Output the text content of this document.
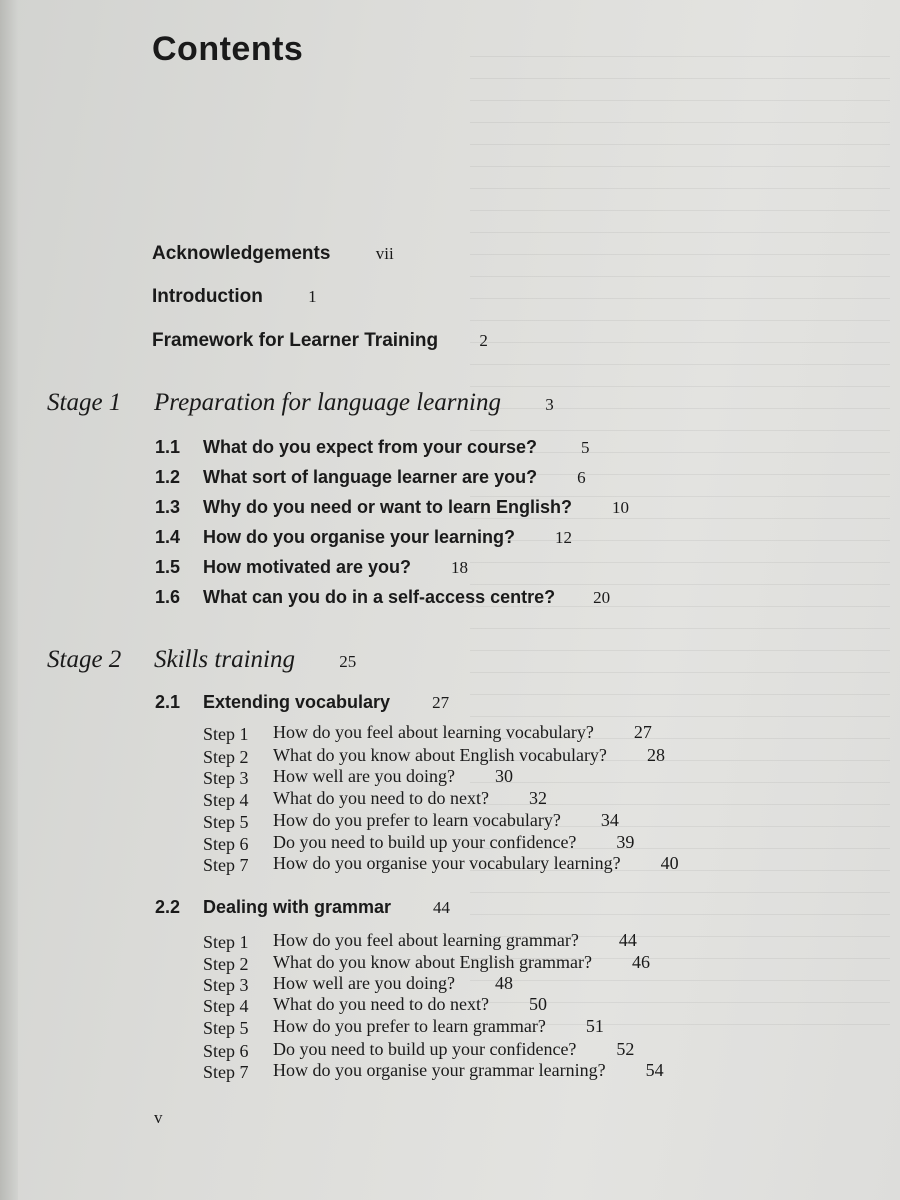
Contents
Acknowledgements	vii
Introduction	1
Framework for Learner Training 2
Stage 1 Preparation for language learning	3
1.1 What do you expect from your course?	5
1.2 What sort of language learner are you? 6
1.3 Why do you need or want to learn English? 10
1.4 How do you organise your learning? 12
1.5 How motivated are you? 18
1.6 What can you do in a self-access centre? 20
Stage 2 Skills training	25
2.1 Extending vocabulary 27
Step 1 How do you feel about learning vocabulary? 27
Step 2 What do you know about English vocabulary? 28
Step 3 How well are you doing? 30
Step 4 What do you need to do next? 32
Step 5 How do you prefer to learn vocabulary? 34
Step 6 Do you need to build up your confidence? 39
Step 7 How do you organise your vocabulary learning? 40
2.2 Dealing with grammar 44
Step 1 How do you feel about learning grammar? 44
Step 2 What do you know about English grammar? 46
Step 3 How well are you doing? 48
Step 4 What do you need to do next? 50
Step 5 How do you prefer to learn grammar? 51
Step 6 Do you need to build up your confidence? 52
Step 7 How do you organise your grammar learning? 54
v
